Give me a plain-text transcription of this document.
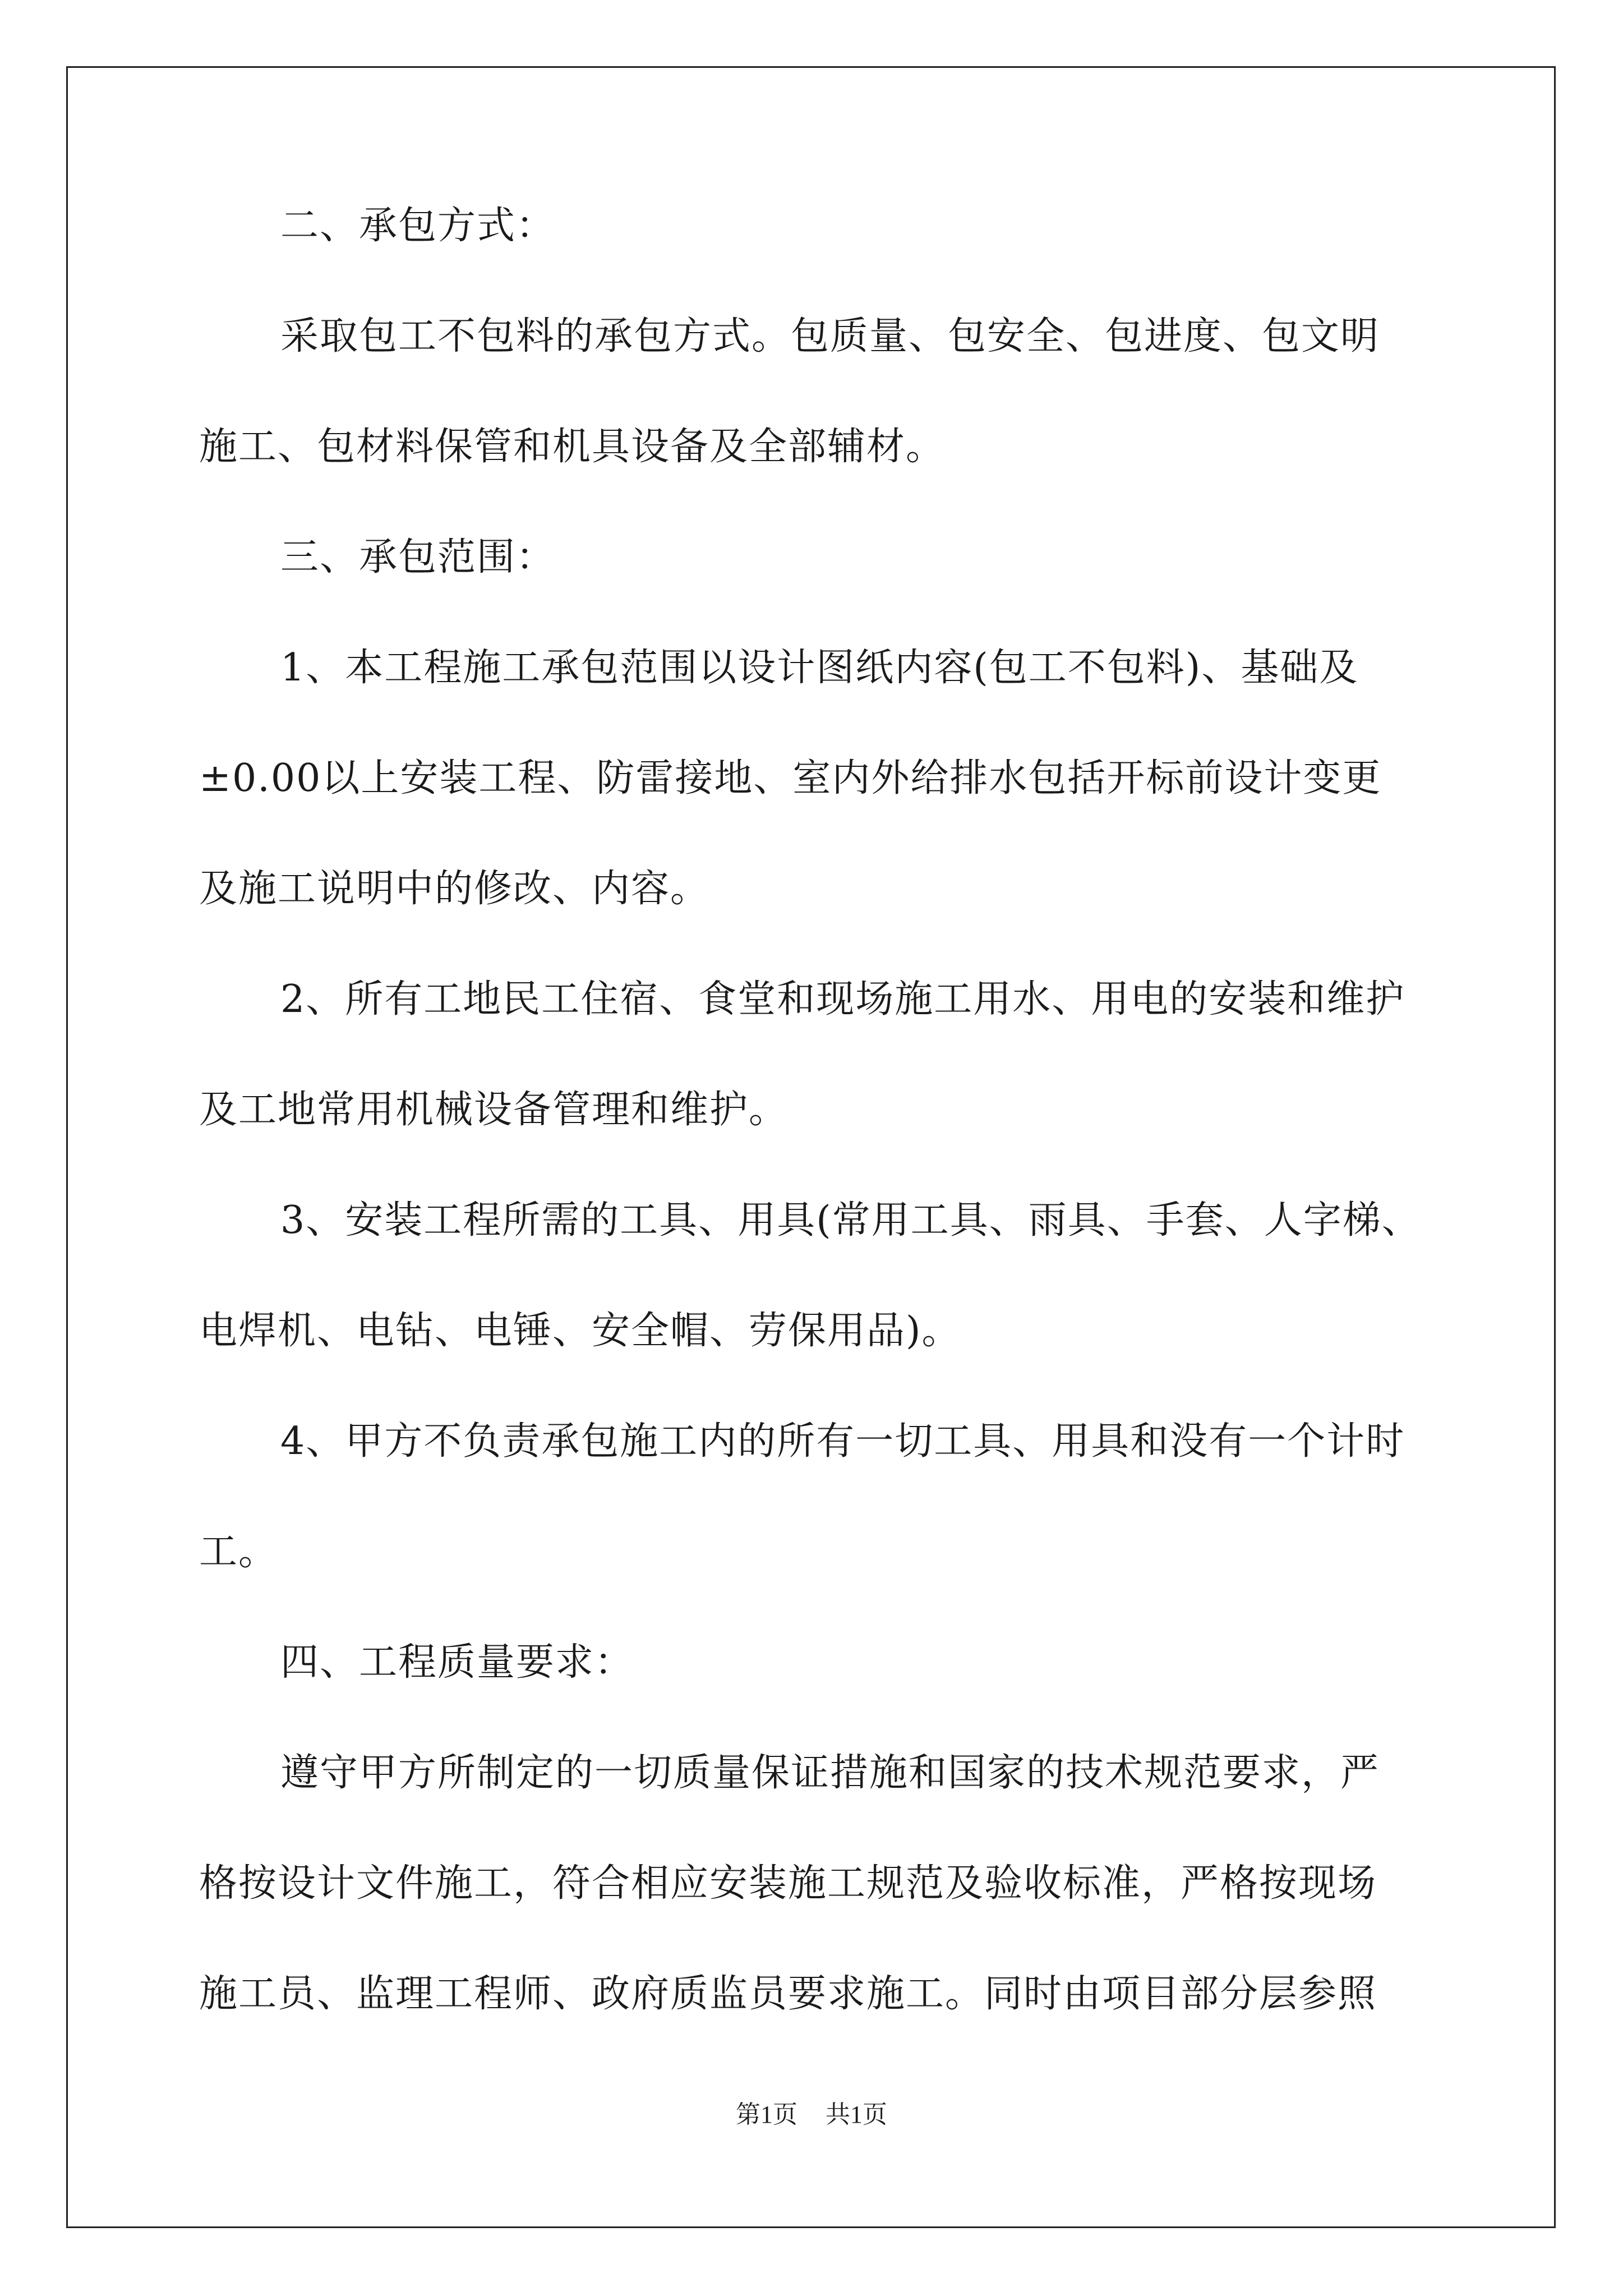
二、承包方式：
采取包工不包料的承包方式。包质量、包安全、包进度、包文明
施工、包材料保管和机具设备及全部辅材。
三、承包范围：
1、本工程施工承包范围以设计图纸内容(包工不包料)、基础及
±0.00以上安装工程、防雷接地、室内外给排水包括开标前设计变更
及施工说明中的修改、内容。
2、所有工地民工住宿、食堂和现场施工用水、用电的安装和维护
及工地常用机械设备管理和维护。
3、安装工程所需的工具、用具(常用工具、雨具、手套、人字梯、
电焊机、电钻、电锤、安全帽、劳保用品)。
4、甲方不负责承包施工内的所有一切工具、用具和没有一个计时
工。
四、工程质量要求：
遵守甲方所制定的一切质量保证措施和国家的技术规范要求，严
格按设计文件施工，符合相应安装施工规范及验收标准，严格按现场
施工员、监理工程师、政府质监员要求施工。同时由项目部分层参照
第1页 共1页
